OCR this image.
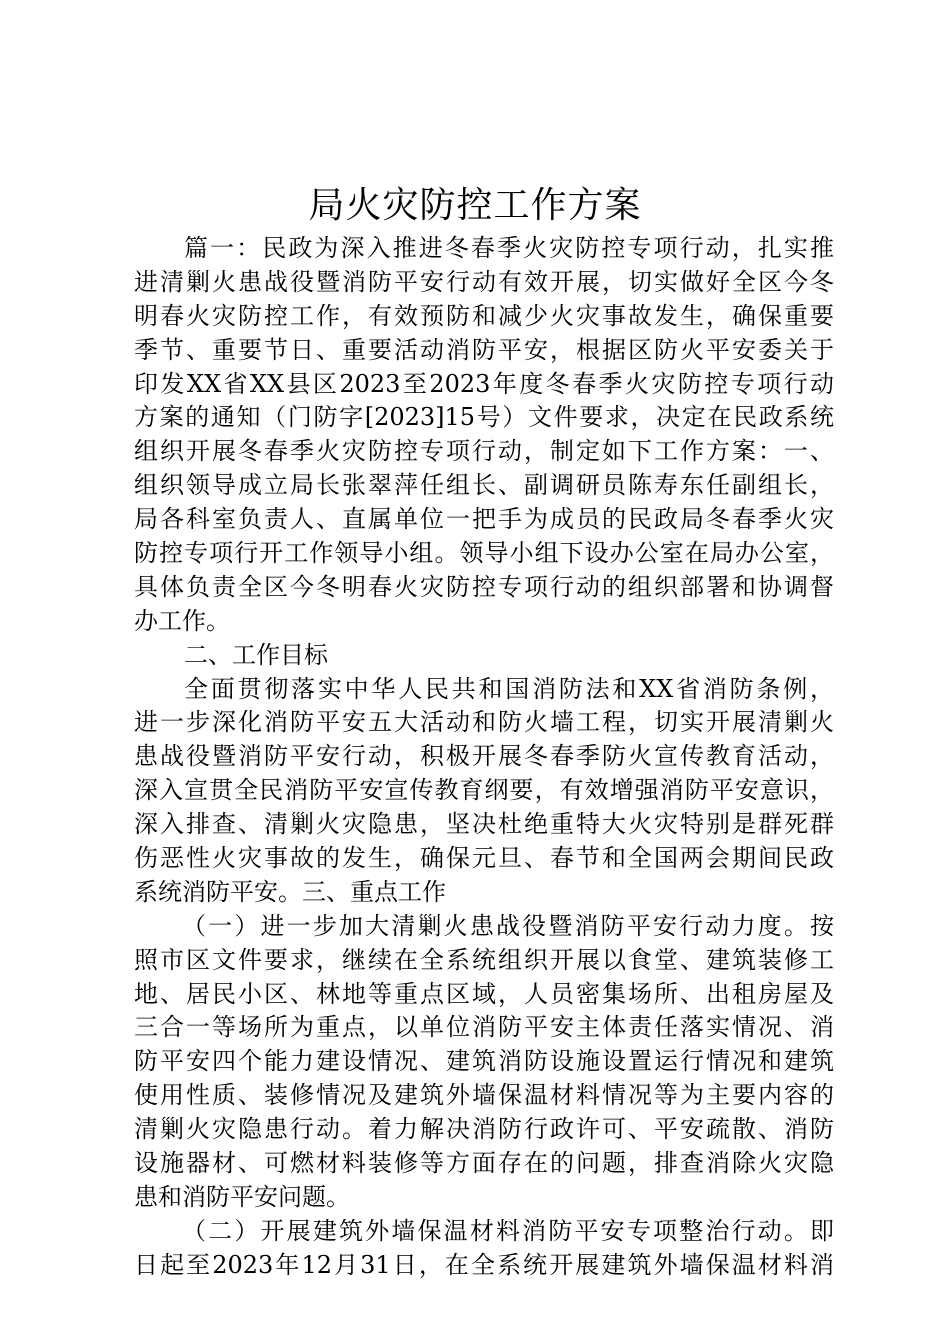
局火灾防控工作方案
篇一：民政为深入推进冬春季火灾防控专项行动，扎实推
进清剿火患战役暨消防平安行动有效开展，切实做好全区今冬
明春火灾防控工作，有效预防和减少火灾事故发生，确保重要
季节、重要节日、重要活动消防平安，根据区防火平安委关于
印发XX省XX县区2023至2023年度冬春季火灾防控专项行动
方案的通知（门防字[2023]15号）文件要求，决定在民政系统
组织开展冬春季火灾防控专项行动，制定如下工作方案：一、
组织领导成立局长张翠萍任组长、副调研员陈寿东任副组长，
局各科室负责人、直属单位一把手为成员的民政局冬春季火灾
防控专项行开工作领导小组。领导小组下设办公室在局办公室，
具体负责全区今冬明春火灾防控专项行动的组织部署和协调督
办工作。
二、工作目标
全面贯彻落实中华人民共和国消防法和XX省消防条例，
进一步深化消防平安五大活动和防火墙工程，切实开展清剿火
患战役暨消防平安行动，积极开展冬春季防火宣传教育活动，
深入宣贯全民消防平安宣传教育纲要，有效增强消防平安意识，
深入排查、清剿火灾隐患，坚决杜绝重特大火灾特别是群死群
伤恶性火灾事故的发生，确保元旦、春节和全国两会期间民政
系统消防平安。三、重点工作
（一）进一步加大清剿火患战役暨消防平安行动力度。按
照市区文件要求，继续在全系统组织开展以食堂、建筑装修工
地、居民小区、林地等重点区域，人员密集场所、出租房屋及
三合一等场所为重点，以单位消防平安主体责任落实情况、消
防平安四个能力建设情况、建筑消防设施设置运行情况和建筑
使用性质、装修情况及建筑外墙保温材料情况等为主要内容的
清剿火灾隐患行动。着力解决消防行政许可、平安疏散、消防
设施器材、可燃材料装修等方面存在的问题，排查消除火灾隐
患和消防平安问题。
（二）开展建筑外墙保温材料消防平安专项整治行动。即
日起至2023年12月31日，在全系统开展建筑外墙保温材料消
